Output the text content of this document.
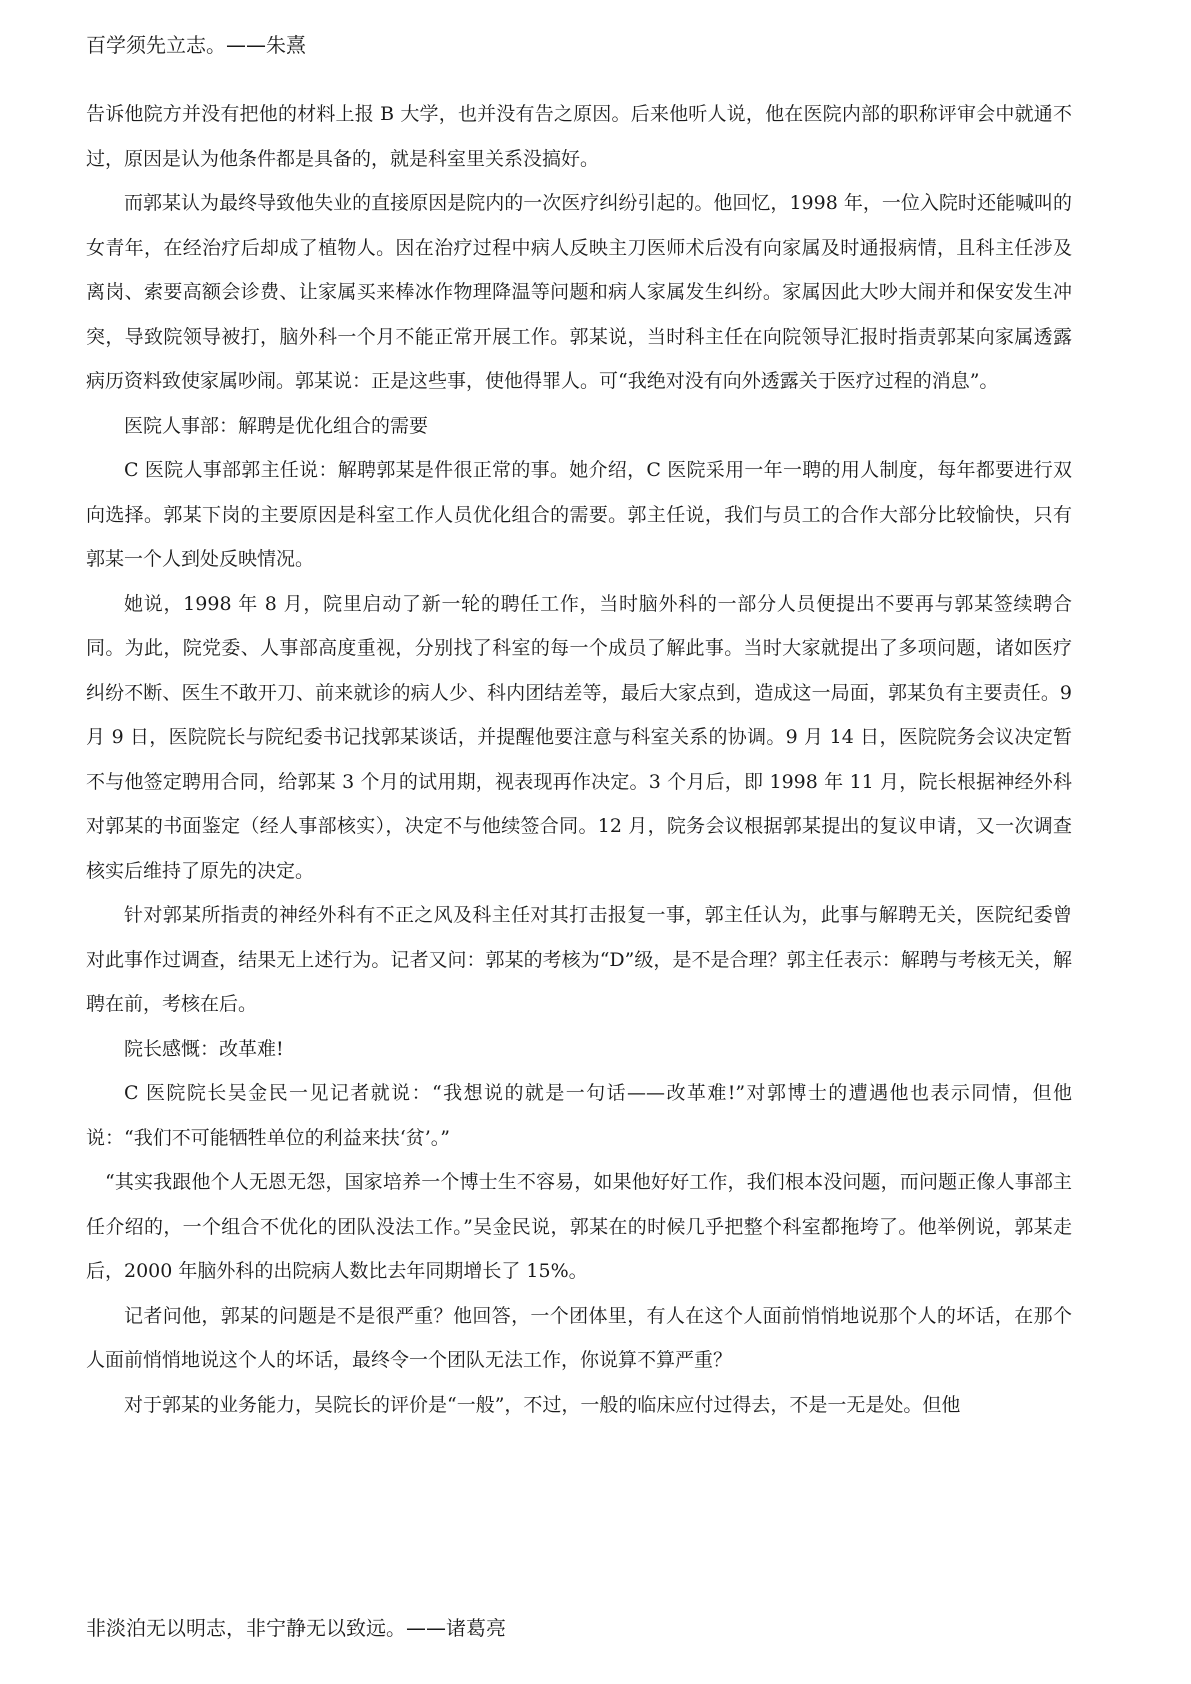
百学须先立志。——朱熹

告诉他院方并没有把他的材料上报 B 大学，也并没有告之原因。后来他听人说，他在医院内部的职称评审会中就通不过，原因是认为他条件都是具备的，就是科室里关系没搞好。

而郭某认为最终导致他失业的直接原因是院内的一次医疗纠纷引起的。他回忆，1998 年，一位入院时还能喊叫的女青年，在经治疗后却成了植物人。因在治疗过程中病人反映主刀医师术后没有向家属及时通报病情，且科主任涉及离岗、索要高额会诊费、让家属买来棒冰作物理降温等问题和病人家属发生纠纷。家属因此大吵大闹并和保安发生冲突，导致院领导被打，脑外科一个月不能正常开展工作。郭某说，当时科主任在向院领导汇报时指责郭某向家属透露病历资料致使家属吵闹。郭某说：正是这些事，使他得罪人。可“我绝对没有向外透露关于医疗过程的消息”。

医院人事部：解聘是优化组合的需要

C 医院人事部郭主任说：解聘郭某是件很正常的事。她介绍，C 医院采用一年一聘的用人制度，每年都要进行双向选择。郭某下岗的主要原因是科室工作人员优化组合的需要。郭主任说，我们与员工的合作大部分比较愉快，只有郭某一个人到处反映情况。

她说，1998 年 8 月，院里启动了新一轮的聘任工作，当时脑外科的一部分人员便提出不要再与郭某签续聘合同。为此，院党委、人事部高度重视，分别找了科室的每一个成员了解此事。当时大家就提出了多项问题，诸如医疗纠纷不断、医生不敢开刀、前来就诊的病人少、科内团结差等，最后大家点到，造成这一局面，郭某负有主要责任。9 月 9 日，医院院长与院纪委书记找郭某谈话，并提醒他要注意与科室关系的协调。9 月 14 日，医院院务会议决定暂不与他签定聘用合同，给郭某 3 个月的试用期，视表现再作决定。3 个月后，即 1998 年 11 月，院长根据神经外科对郭某的书面鉴定（经人事部核实），决定不与他续签合同。12 月，院务会议根据郭某提出的复议申请，又一次调查核实后维持了原先的决定。

针对郭某所指责的神经外科有不正之风及科主任对其打击报复一事，郭主任认为，此事与解聘无关，医院纪委曾对此事作过调查，结果无上述行为。记者又问：郭某的考核为“D”级，是不是合理？郭主任表示：解聘与考核无关，解聘在前，考核在后。

院长感慨：改革难!

C 医院院长吴金民一见记者就说：“我想说的就是一句话——改革难!”对郭博士的遭遇他也表示同情，但他说：“我们不可能牺牲单位的利益来扶‘贫’。”

“其实我跟他个人无恩无怨，国家培养一个博士生不容易，如果他好好工作，我们根本没问题，而问题正像人事部主任介绍的，一个组合不优化的团队没法工作。”吴金民说，郭某在的时候几乎把整个科室都拖垮了。他举例说，郭某走后，2000 年脑外科的出院病人数比去年同期增长了 15%。

记者问他，郭某的问题是不是很严重？他回答，一个团体里，有人在这个人面前悄悄地说那个人的坏话，在那个人面前悄悄地说这个人的坏话，最终令一个团队无法工作，你说算不算严重？

对于郭某的业务能力，吴院长的评价是“一般”，不过，一般的临床应付过得去，不是一无是处。但他

非淡泊无以明志，非宁静无以致远。——诸葛亮
